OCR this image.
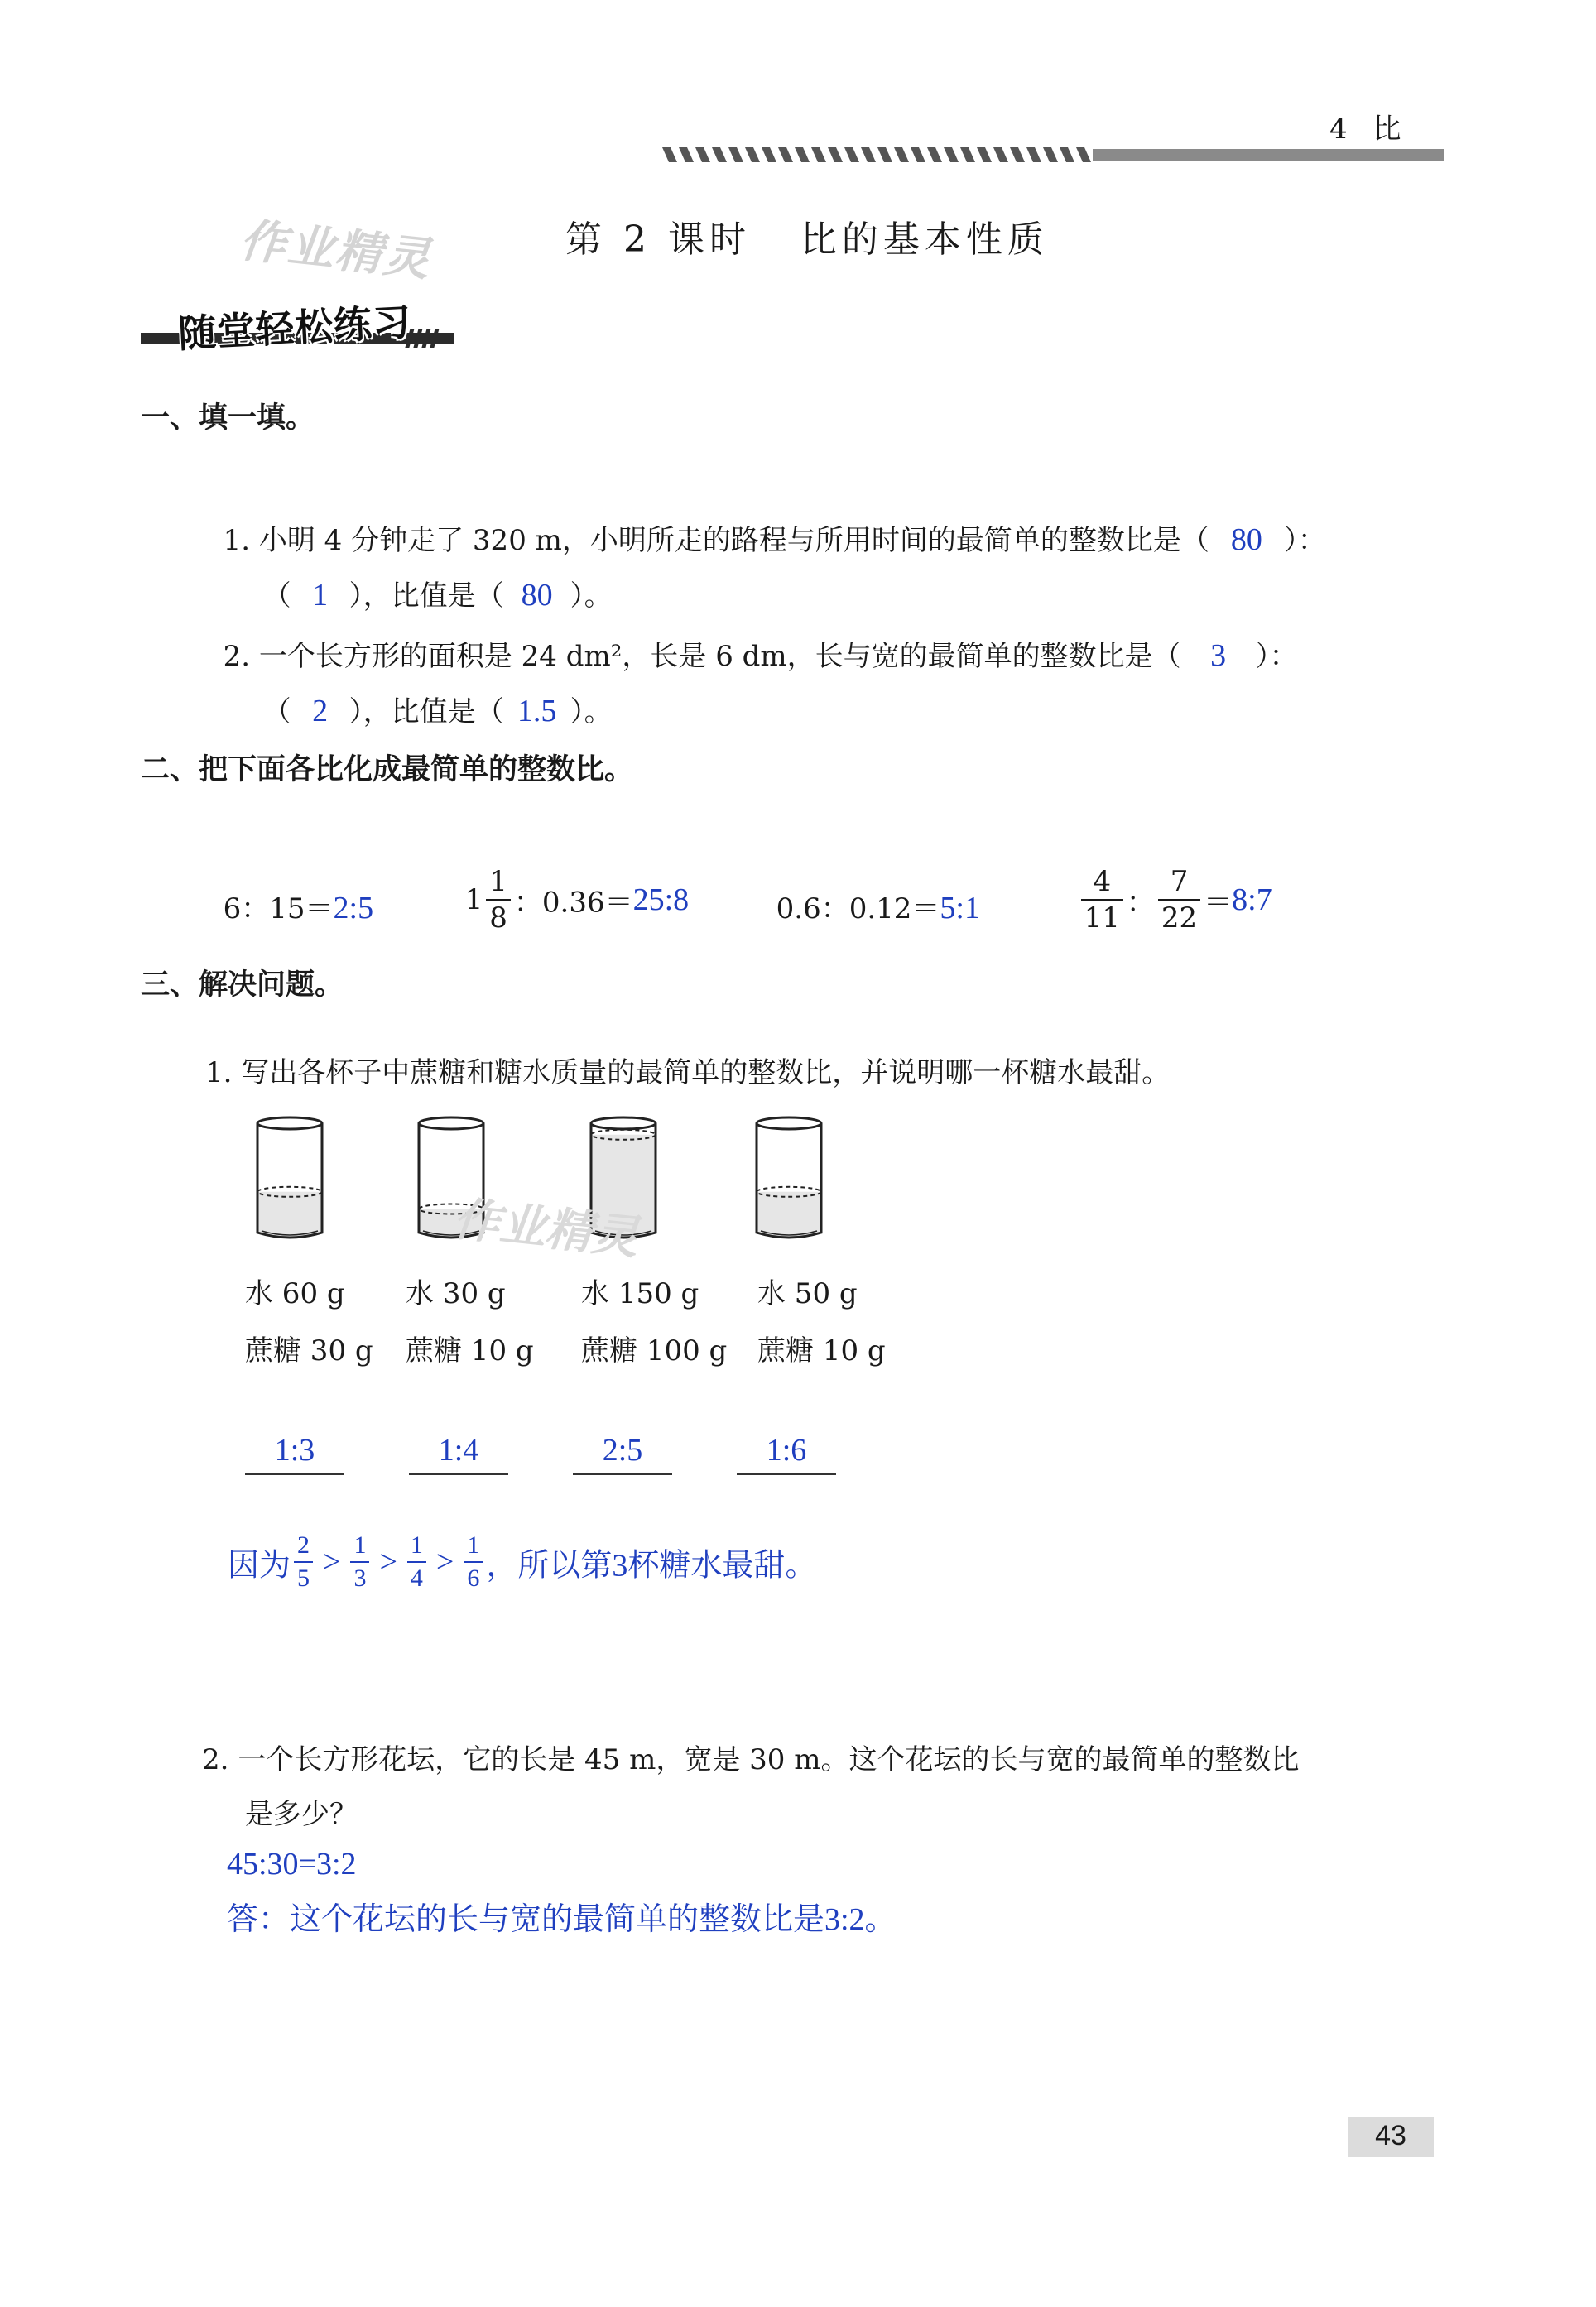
4 比
作业精灵	第 2 课时   比的基本性质
随堂轻松练习
一、填一填。

1. 小明 4 分钟走了 320 m，小明所走的路程与所用时间的最简单的整数比是（ 80 ）：

（ 1 ），比值是（ 80 ）。

2. 一个长方形的面积是 24 dm²，长是 6 dm，长与宽的最简单的整数比是（ 3 ）：

（ 2 ），比值是（ 1.5 ）。

二、把下面各比化成最简单的整数比。

6：15＝2:5	$1 \frac{1}{8}$ ：0.36＝25:8	0.6：0.12＝5:1

	$\frac{4}{11}$ ： $\frac{7}{22}$ ＝8:7

三、解决问题。
1. 写出各杯子中蔗糖和糖水质量的最简单的整数比，并说明哪一杯糖水最甜。
作业精灵
水 60 g 水 30 g	水 150 g 水 50 g
蔗糖 30 g 蔗糖 10 g 蔗糖 100 g 蔗糖 10 g
1:3	1:4	2:5	1:6

因为 $\frac{2}{5} > \frac{1}{3} > \frac{1}{4} > \frac{1}{6}$ ，所以第3杯糖水最甜。

2. 一个长方形花坛，它的长是 45 m，宽是 30 m。这个花坛的长与宽的最简单的整数比
是多少？
45:30=3:2
答：这个花坛的长与宽的最简单的整数比是3:2。
43
